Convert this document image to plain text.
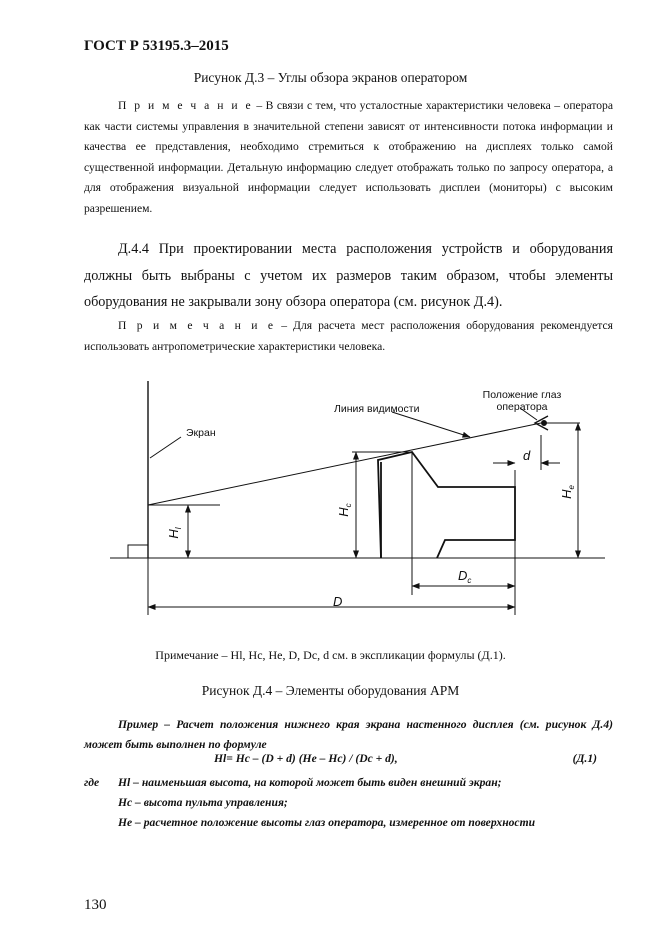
ГОСТ Р 53195.3–2015
Рисунок Д.3 – Углы обзора экранов оператором
П р и м е ч а н и е – В связи с тем, что усталостные характеристики человека – оператора как части системы управления в значительной степени зависят от интенсивности потока информации и качества ее представления, необходимо стремиться к отображению на дисплеях только самой существенной информации. Детальную информацию следует отображать только по запросу оператора, а для отображения визуальной информации следует использовать дисплеи (мониторы) с высоким разрешением.
Д.4.4 При проектировании места расположения устройств и оборудования должны быть выбраны с учетом их размеров таким образом, чтобы элементы оборудования не закрывали зону обзора оператора (см. рисунок Д.4).
П р и м е ч а н и е – Для расчета мест расположения оборудования рекомендуется использовать антропометрические характеристики человека.
Положение глаз
оператора
Линия видимости
Экран
d
$H_l$
$H_c$
$H_e$
$D_c$
D
Примечание – Hl, Hc, He, D, Dc, d см. в экспликации формулы (Д.1).
Рисунок Д.4 – Элементы оборудования АРМ
Пример – Расчет положения нижнего края экрана настенного дисплея (см. рисунок Д.4) может быть выполнен по формуле
Hl= Hc – (D + d) (He – Hc) / (Dc + d),	(Д.1)
где Hl – наименьшая высота, на которой может быть виден внешний экран;
Hc – высота пульта управления;
He – расчетное положение высоты глаз оператора, измеренное от поверхности
130
